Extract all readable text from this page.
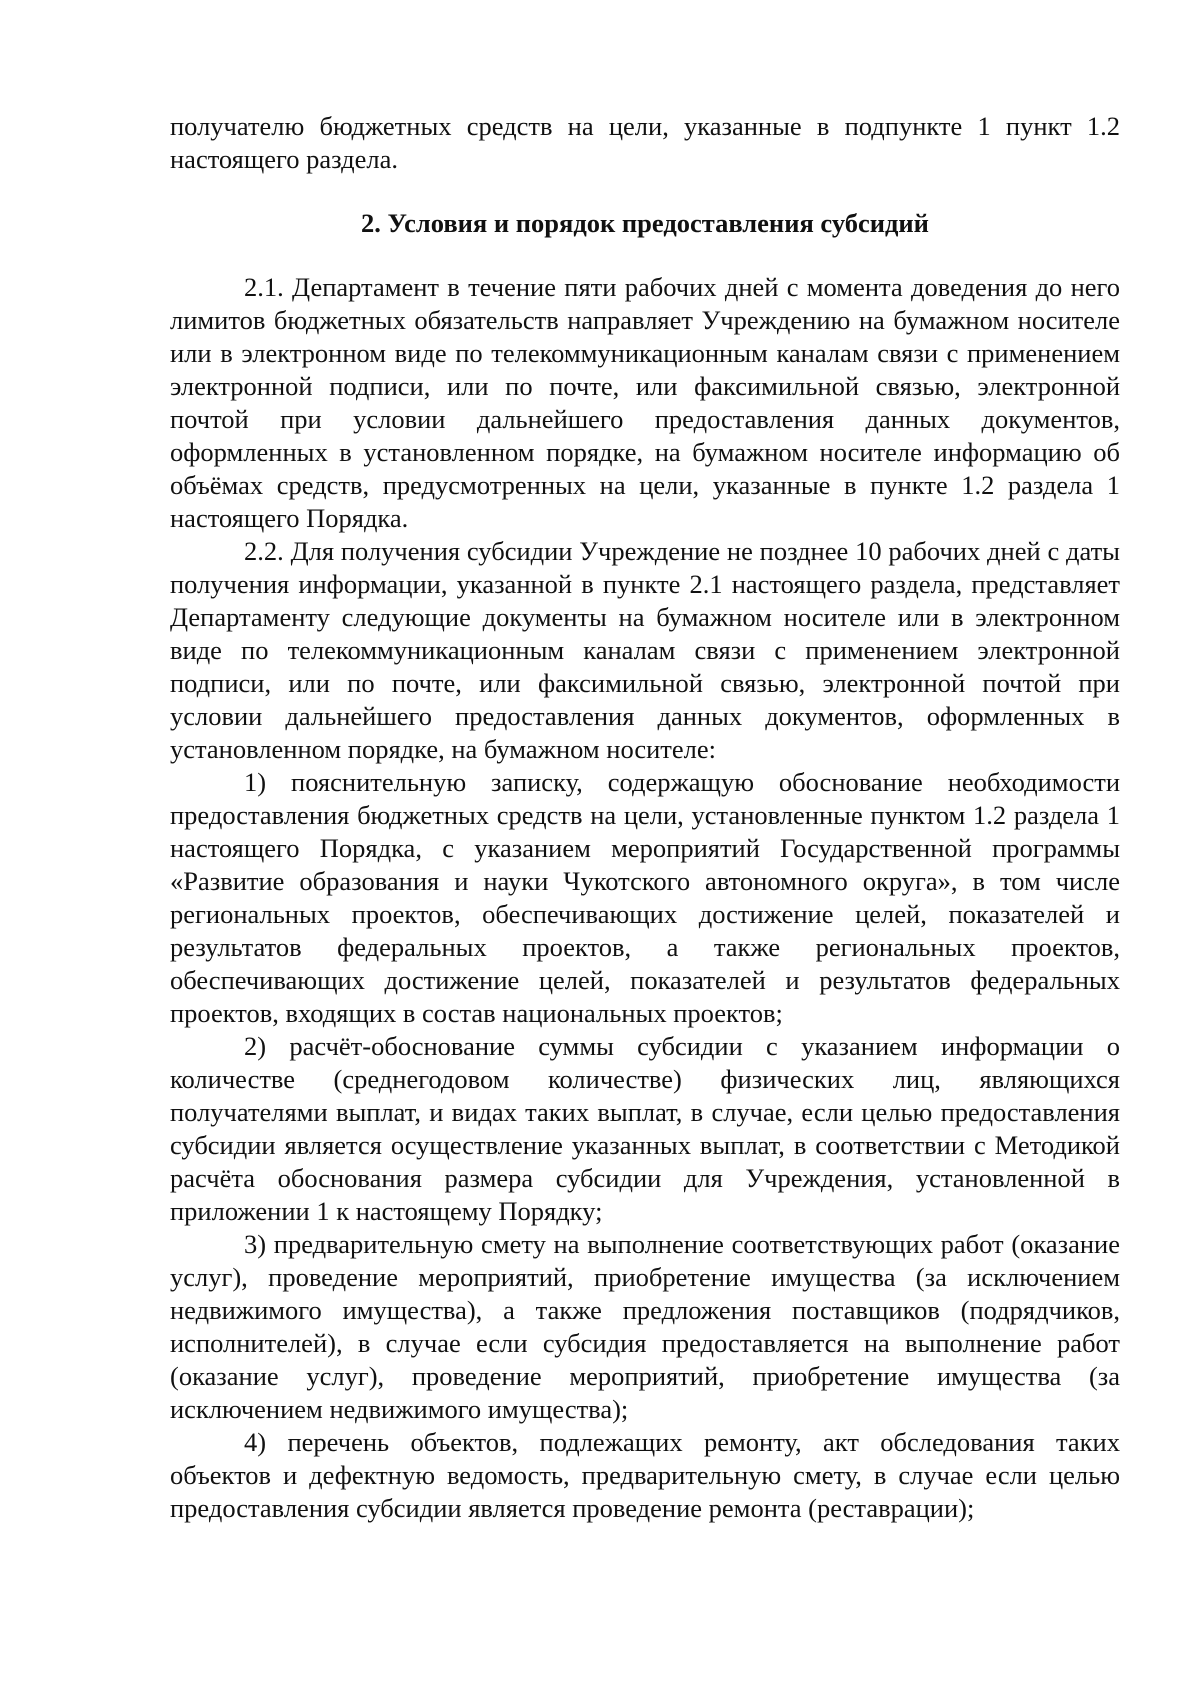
получателю бюджетных средств на цели, указанные в подпункте 1 пункт 1.2 настоящего раздела.

2. Условия и порядок предоставления субсидий

2.1. Департамент в течение пяти рабочих дней с момента доведения до него лимитов бюджетных обязательств направляет Учреждению на бумажном носителе или в электронном виде по телекоммуникационным каналам связи с применением электронной подписи, или по почте, или факсимильной связью, электронной почтой при условии дальнейшего предоставления данных документов, оформленных в установленном порядке, на бумажном носителе информацию об объёмах средств, предусмотренных на цели, указанные в пункте 1.2 раздела 1 настоящего Порядка.

2.2. Для получения субсидии Учреждение не позднее 10 рабочих дней с даты получения информации, указанной в пункте 2.1 настоящего раздела, представляет Департаменту следующие документы на бумажном носителе или в электронном виде по телекоммуникационным каналам связи с применением электронной подписи, или по почте, или факсимильной связью, электронной почтой при условии дальнейшего предоставления данных документов, оформленных в установленном порядке, на бумажном носителе:

1) пояснительную записку, содержащую обоснование необходимости предоставления бюджетных средств на цели, установленные пунктом 1.2 раздела 1 настоящего Порядка, с указанием мероприятий Государственной программы «Развитие образования и науки Чукотского автономного округа», в том числе региональных проектов, обеспечивающих достижение целей, показателей и результатов федеральных проектов, а также региональных проектов, обеспечивающих достижение целей, показателей и результатов федеральных проектов, входящих в состав национальных проектов;

2) расчёт-обоснование суммы субсидии с указанием информации о количестве (среднегодовом количестве) физических лиц, являющихся получателями выплат, и видах таких выплат, в случае, если целью предоставления субсидии является осуществление указанных выплат, в соответствии с Методикой расчёта обоснования размера субсидии для Учреждения, установленной в приложении 1 к настоящему Порядку;

3) предварительную смету на выполнение соответствующих работ (оказание услуг), проведение мероприятий, приобретение имущества (за исключением недвижимого имущества), а также предложения поставщиков (подрядчиков, исполнителей), в случае если субсидия предоставляется на выполнение работ (оказание услуг), проведение мероприятий, приобретение имущества (за исключением недвижимого имущества);

4) перечень объектов, подлежащих ремонту, акт обследования таких объектов и дефектную ведомость, предварительную смету, в случае если целью предоставления субсидии является проведение ремонта (реставрации);
